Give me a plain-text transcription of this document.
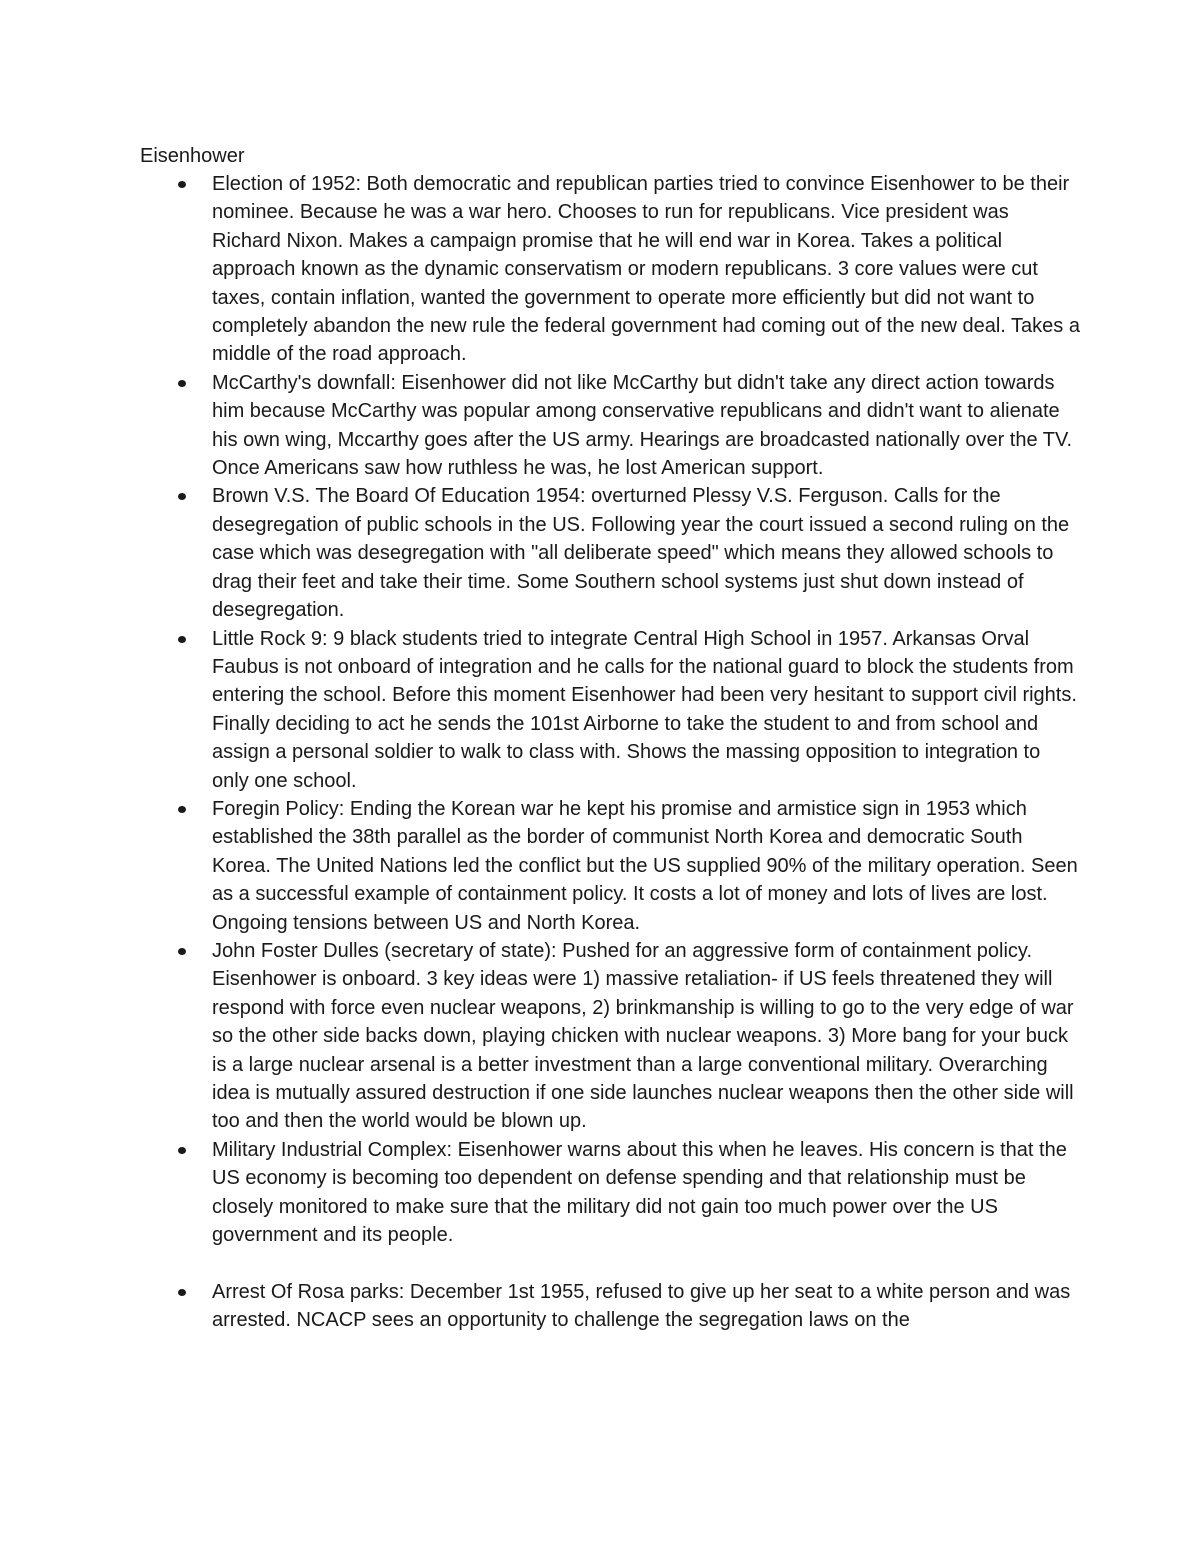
Eisenhower
Election of 1952: Both democratic and republican parties tried to convince Eisenhower to be their nominee. Because he was a war hero. Chooses to run for republicans. Vice president was Richard Nixon. Makes a campaign promise that he will end war in Korea. Takes a political approach known as the dynamic conservatism or modern republicans. 3 core values were cut taxes, contain inflation, wanted the government to operate more efficiently but did not want to completely abandon the new rule the federal government had coming out of the new deal. Takes a middle of the road approach.
McCarthy's downfall: Eisenhower did not like McCarthy but didn't take any direct action towards him because McCarthy was popular among conservative republicans and didn't want to alienate his own wing, Mccarthy goes after the US army. Hearings are broadcasted nationally over the TV. Once Americans saw how ruthless he was, he lost American support.
Brown V.S. The Board Of Education 1954: overturned Plessy V.S. Ferguson. Calls for the desegregation of public schools in the US. Following year the court issued a second ruling on the case which was desegregation with "all deliberate speed" which means they allowed schools to drag their feet and take their time. Some Southern school systems just shut down instead of desegregation.
Little Rock 9: 9 black students tried to integrate Central High School in 1957. Arkansas Orval Faubus is not onboard of integration and he calls for the national guard to block the students from entering the school. Before this moment Eisenhower had been very hesitant to support civil rights. Finally deciding to act he sends the 101st Airborne to take the student to and from school and assign a personal soldier to walk to class with. Shows the massing opposition to integration to only one school.
Foregin Policy: Ending the Korean war he kept his promise and armistice sign in 1953 which established the 38th parallel as the border of communist North Korea and democratic South Korea. The United Nations led the conflict but the US supplied 90% of the military operation. Seen as a successful example of containment policy. It costs a lot of money and lots of lives are lost. Ongoing tensions between US and North Korea.
John Foster Dulles (secretary of state): Pushed for an aggressive form of containment policy. Eisenhower is onboard. 3 key ideas were 1) massive retaliation- if US feels threatened they will respond with force even nuclear weapons, 2) brinkmanship is willing to go to the very edge of war so the other side backs down, playing chicken with nuclear weapons. 3) More bang for your buck is a large nuclear arsenal is a better investment than a large conventional military. Overarching idea is mutually assured destruction if one side launches nuclear weapons then the other side will too and then the world would be blown up.
Military Industrial Complex: Eisenhower warns about this when he leaves. His concern is that the US economy is becoming too dependent on defense spending and that relationship must be closely monitored to make sure that the military did not gain too much power over the US government and its people.
Arrest Of Rosa parks: December 1st 1955, refused to give up her seat to a white person and was arrested. NCACP sees an opportunity to challenge the segregation laws on the
